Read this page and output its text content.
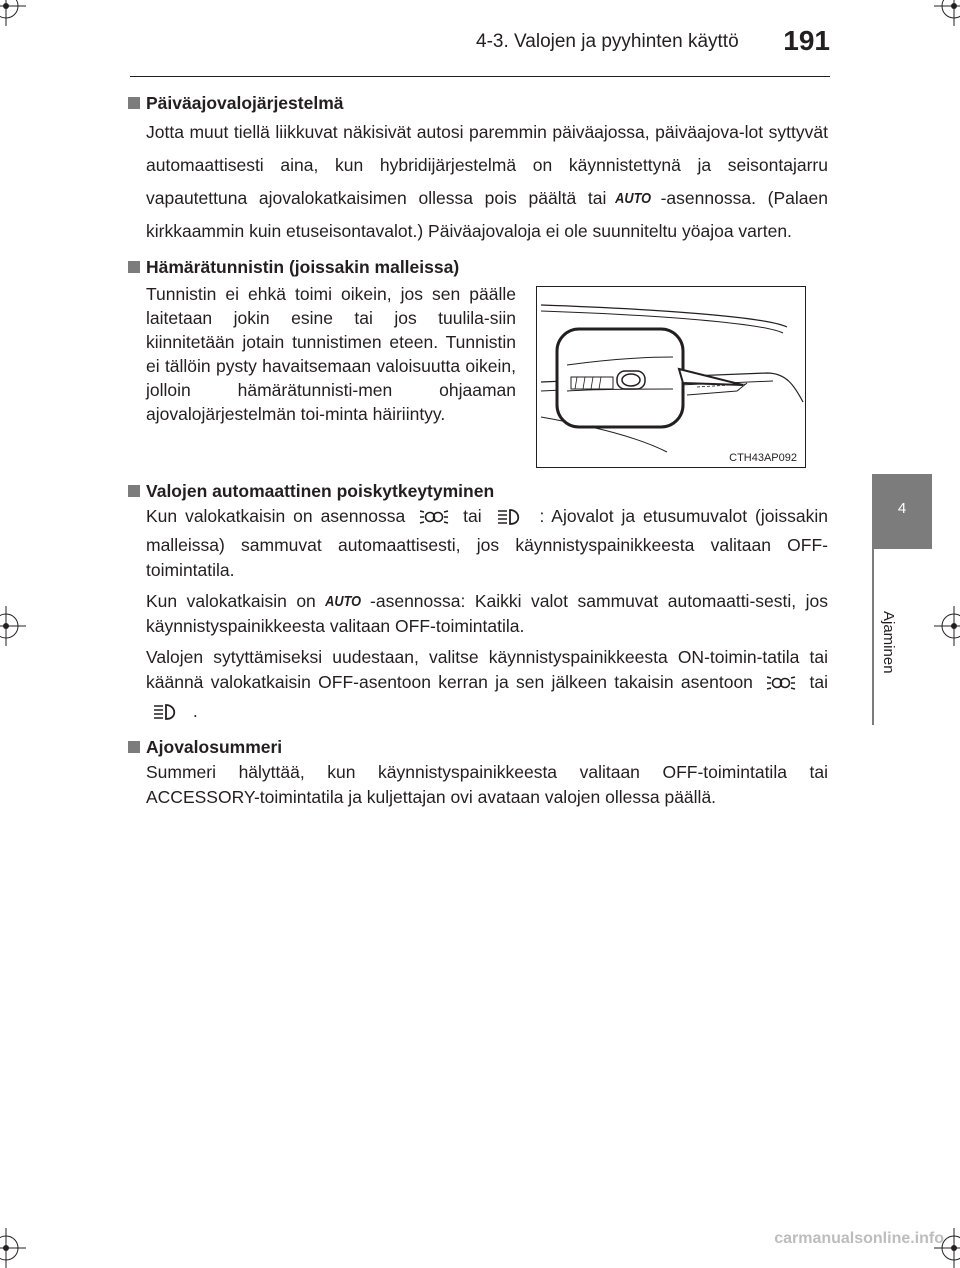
4-3. Valojen ja pyyhinten käyttö 191
4
Ajaminen

Päiväajovalojärjestelmä

Jotta muut tiellä liikkuvat näkisivät autosi paremmin päiväajossa, päiväajova-lot syttyvät automaattisesti aina, kun hybridijärjestelmä on käynnistettynä ja seisontajarru vapautettuna ajovalokatkaisimen ollessa pois päältä tai AUTO -asennossa. (Palaen kirkkaammin kuin etuseisontavalot.) Päiväajovaloja ei ole suunniteltu yöajoa varten.

Hämärätunnistin (joissakin malleissa)

Tunnistin ei ehkä toimi oikein, jos sen päälle laitetaan jokin esine tai jos tuulila-siin kiinnitetään jotain tunnistimen eteen. Tunnistin ei tällöin pysty havaitsemaan valoisuutta oikein, jolloin hämärätunnisti-men ohjaaman ajovalojärjestelmän toi-minta häiriintyy.
CTH43AP092

Valojen automaattinen poiskytkeytyminen

Kun valokatkaisin on asennossa	tai	: Ajovalot ja etusumuvalot (joissakin malleissa) sammuvat automaattisesti, jos käynnistyspainikkeesta valitaan OFF-toimintatila.

Kun valokatkaisin on AUTO -asennossa: Kaikki valot sammuvat automaatti-sesti, jos käynnistyspainikkeesta valitaan OFF-toimintatila.

Valojen sytyttämiseksi uudestaan, valitse käynnistyspainikkeesta ON-toimin-tatila tai käännä valokatkaisin OFF-asentoon kerran ja sen jälkeen takaisin asentoon	tai  .

Ajovalosummeri

Summeri hälyttää, kun käynnistyspainikkeesta valitaan OFF-toimintatila tai ACCESSORY-toimintatila ja kuljettajan ovi avataan valojen ollessa päällä.

carmanualsonline.info
